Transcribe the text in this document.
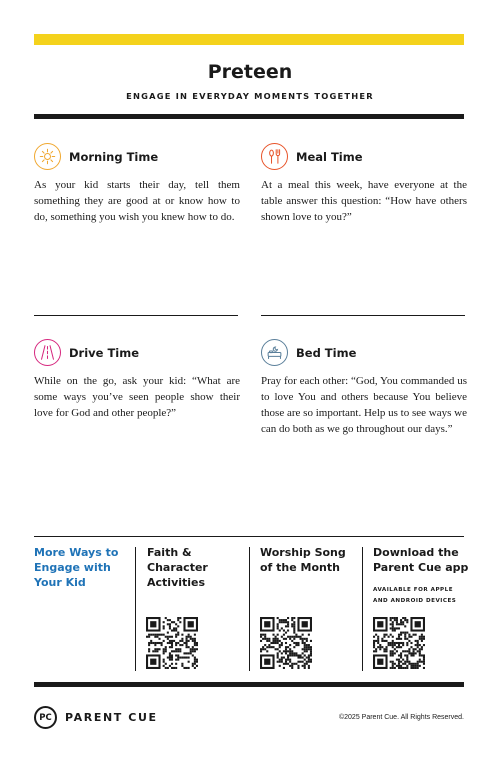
Preteen
ENGAGE IN EVERYDAY MOMENTS TOGETHER
Morning Time

As your kid starts their day, tell them something they are good at or know how to do, something you wish you knew how to do.

Meal Time

At a meal this week, have everyone at the table answer this question: “How have others shown love to you?”

Drive Time

While on the go, ask your kid: “What are some ways you’ve seen people show their love for God and other people?”

Bed Time

Pray for each other: “God, You commanded us to love You and others because You believe those are so important. Help us to see ways we can do both as we go throughout our days.”

More Ways to Engage with Your Kid
Faith & Character Activities
Worship Song of the Month
Download the Parent Cue app
AVAILABLE FOR APPLE AND ANDROID DEVICES
PC	PARENT CUE	©2025 Parent Cue. All Rights Reserved.
